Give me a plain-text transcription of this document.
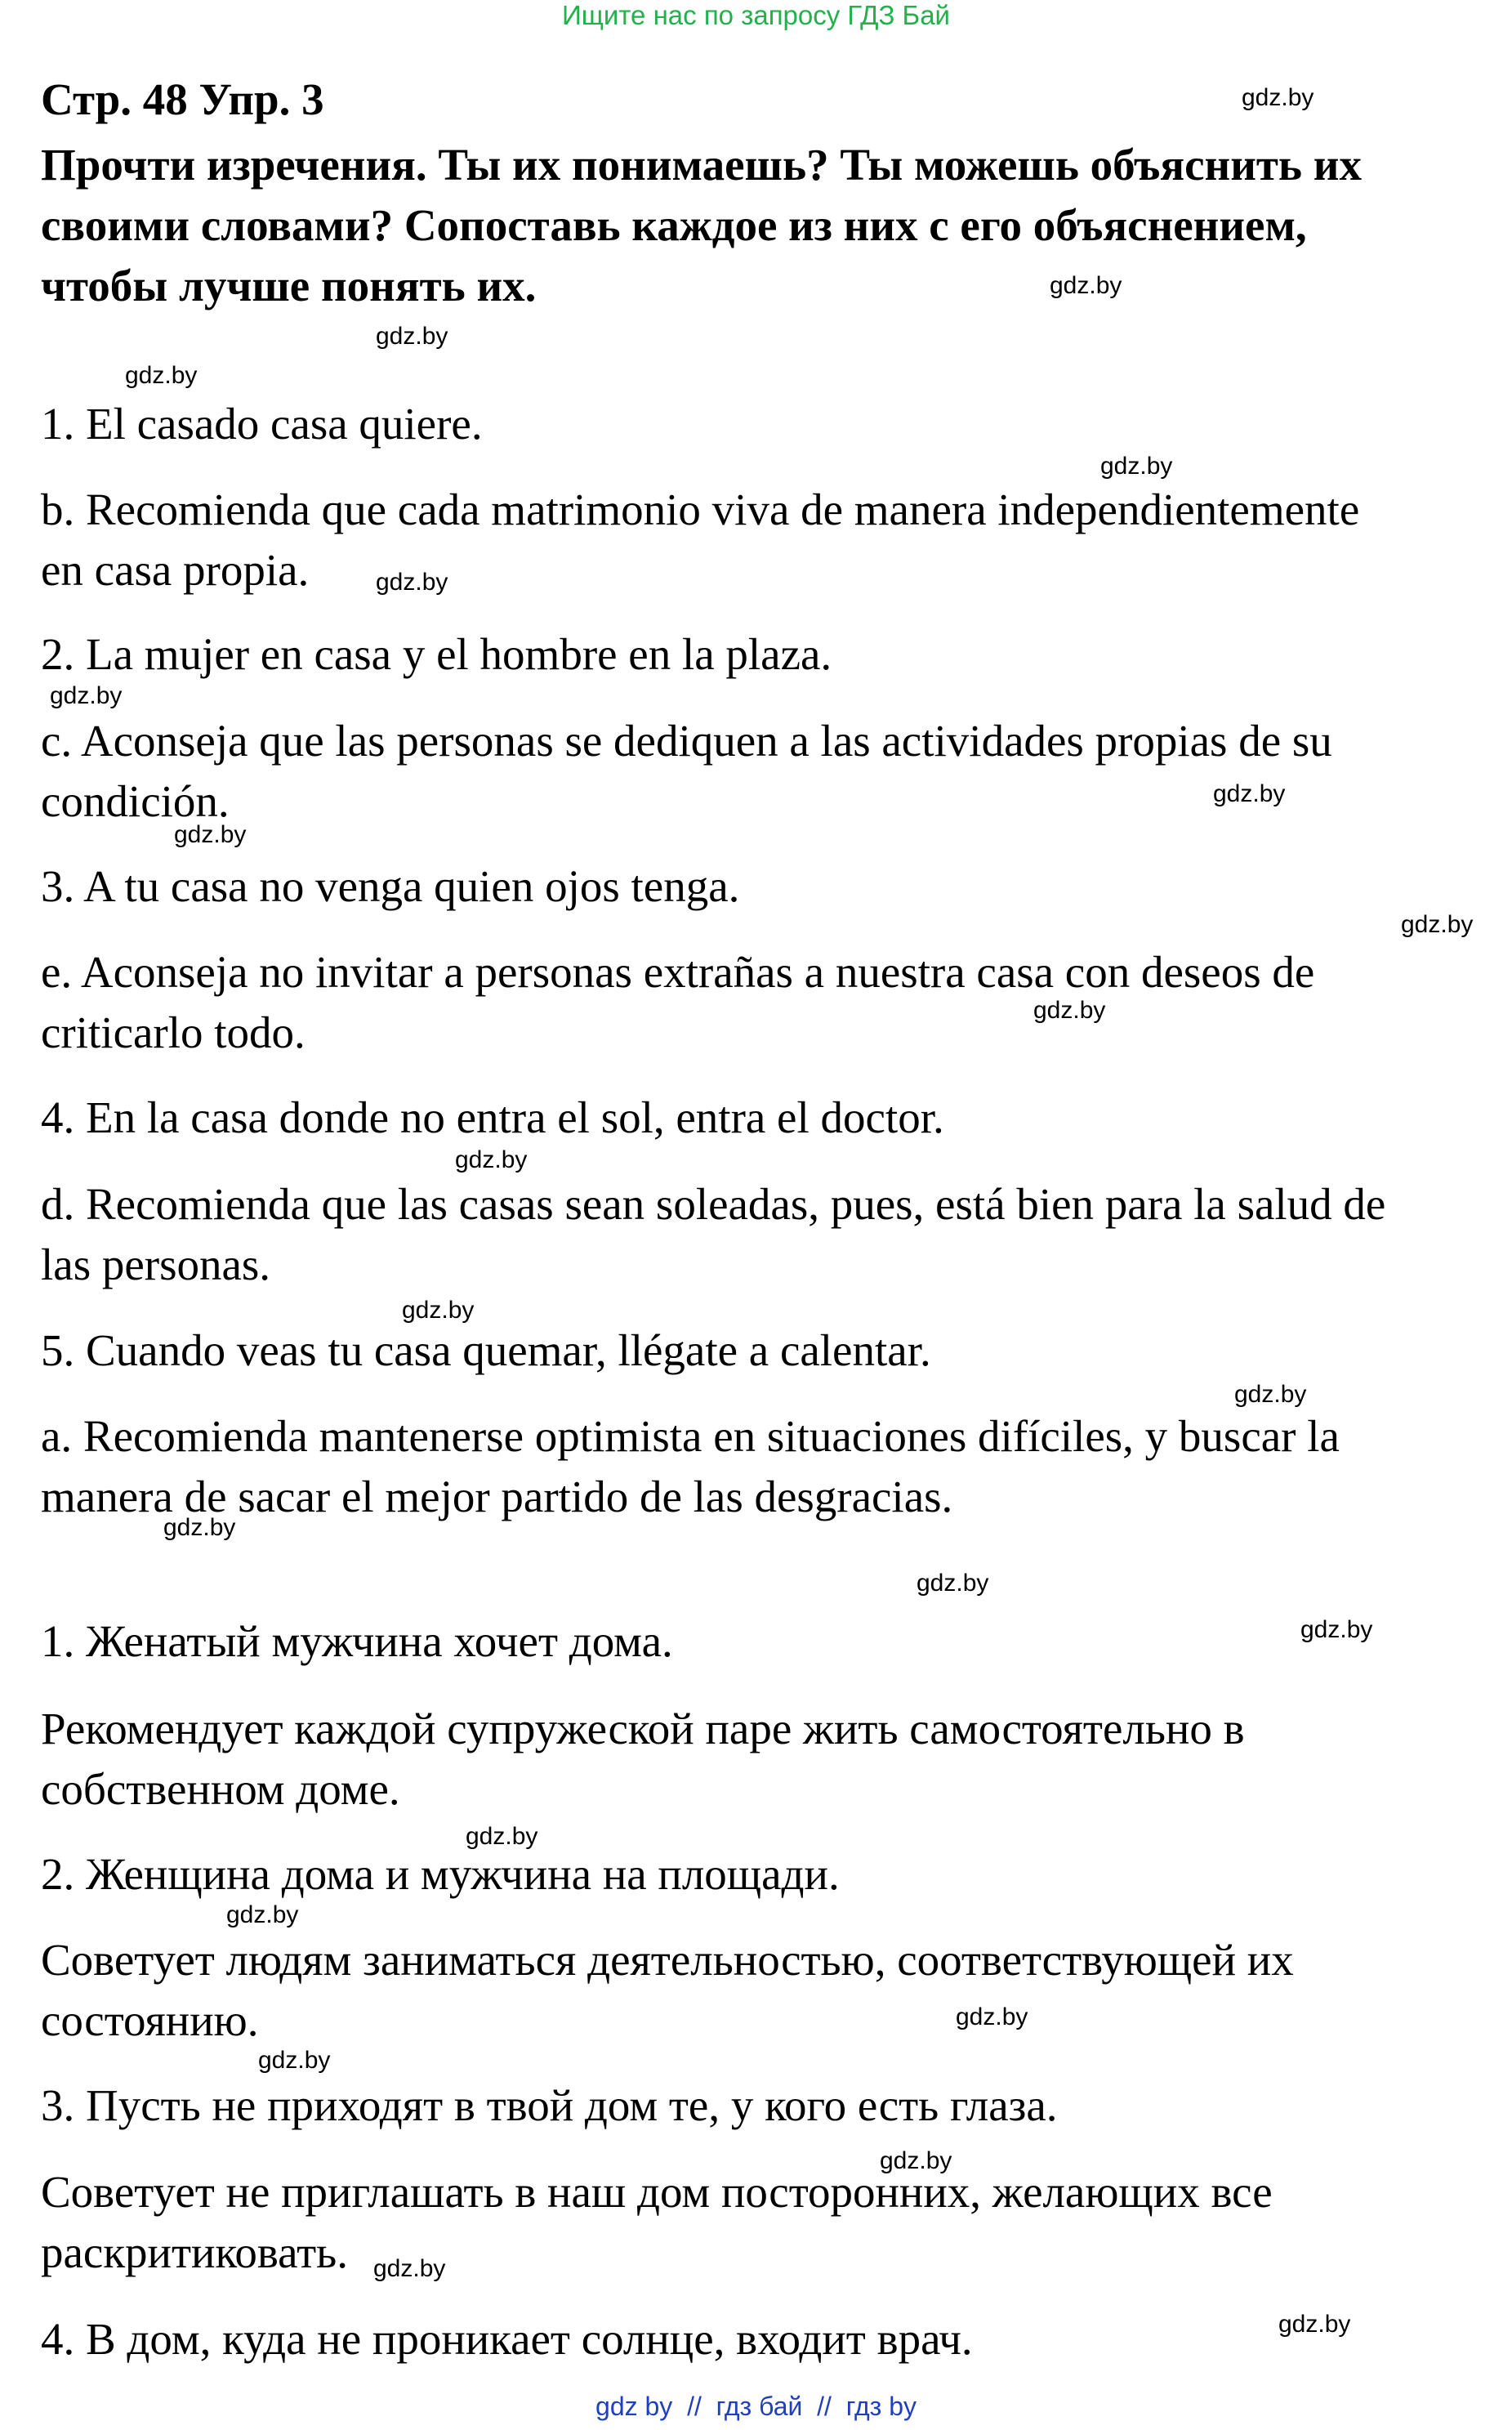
Ищите нас по запросу ГДЗ Бай
Стр. 48 Упр. 3
Прочти изречения. Ты их понимаешь? Ты можешь объяснить их
своими словами? Сопоставь каждое из них с его объяснением,
чтобы лучше понять их.
1. El casado casa quiere.
b. Recomienda que cada matrimonio viva de manera independientemente
en casa propia.
2. La mujer en casa y el hombre en la plaza.
c. Aconseja que las personas se dediquen a las actividades propias de su
condición.
3. A tu casa no venga quien ojos tenga.
e. Aconseja no invitar a personas extrañas a nuestra casa con deseos de
criticarlo todo.
4. En la casa donde no entra el sol, entra el doctor.
d. Recomienda que las casas sean soleadas, pues, está bien para la salud de
las personas.
5. Cuando veas tu casa quemar, llégate a calentar.
a. Recomienda mantenerse optimista en situaciones difíciles, y buscar la
manera de sacar el mejor partido de las desgracias.
1. Женатый мужчина хочет дома.
Рекомендует каждой супружеской паре жить самостоятельно в
собственном доме.
2. Женщина дома и мужчина на площади.
Советует людям заниматься деятельностью, соответствующей их
состоянию.
3. Пусть не приходят в твой дом те, у кого есть глаза.
Советует не приглашать в наш дом посторонних, желающих все
раскритиковать.
4. В дом, куда не проникает солнце, входит врач.
gdz.by
gdz.by
gdz.by
gdz.by
gdz.by
gdz.by
gdz.by
gdz.by
gdz.by
gdz.by
gdz.by
gdz.by
gdz.by
gdz.by
gdz.by
gdz.by
gdz.by
gdz.by
gdz.by
gdz.by
gdz.by
gdz.by
gdz.by
gdz.by
gdz by  //  гдз бай  //  гдз by
